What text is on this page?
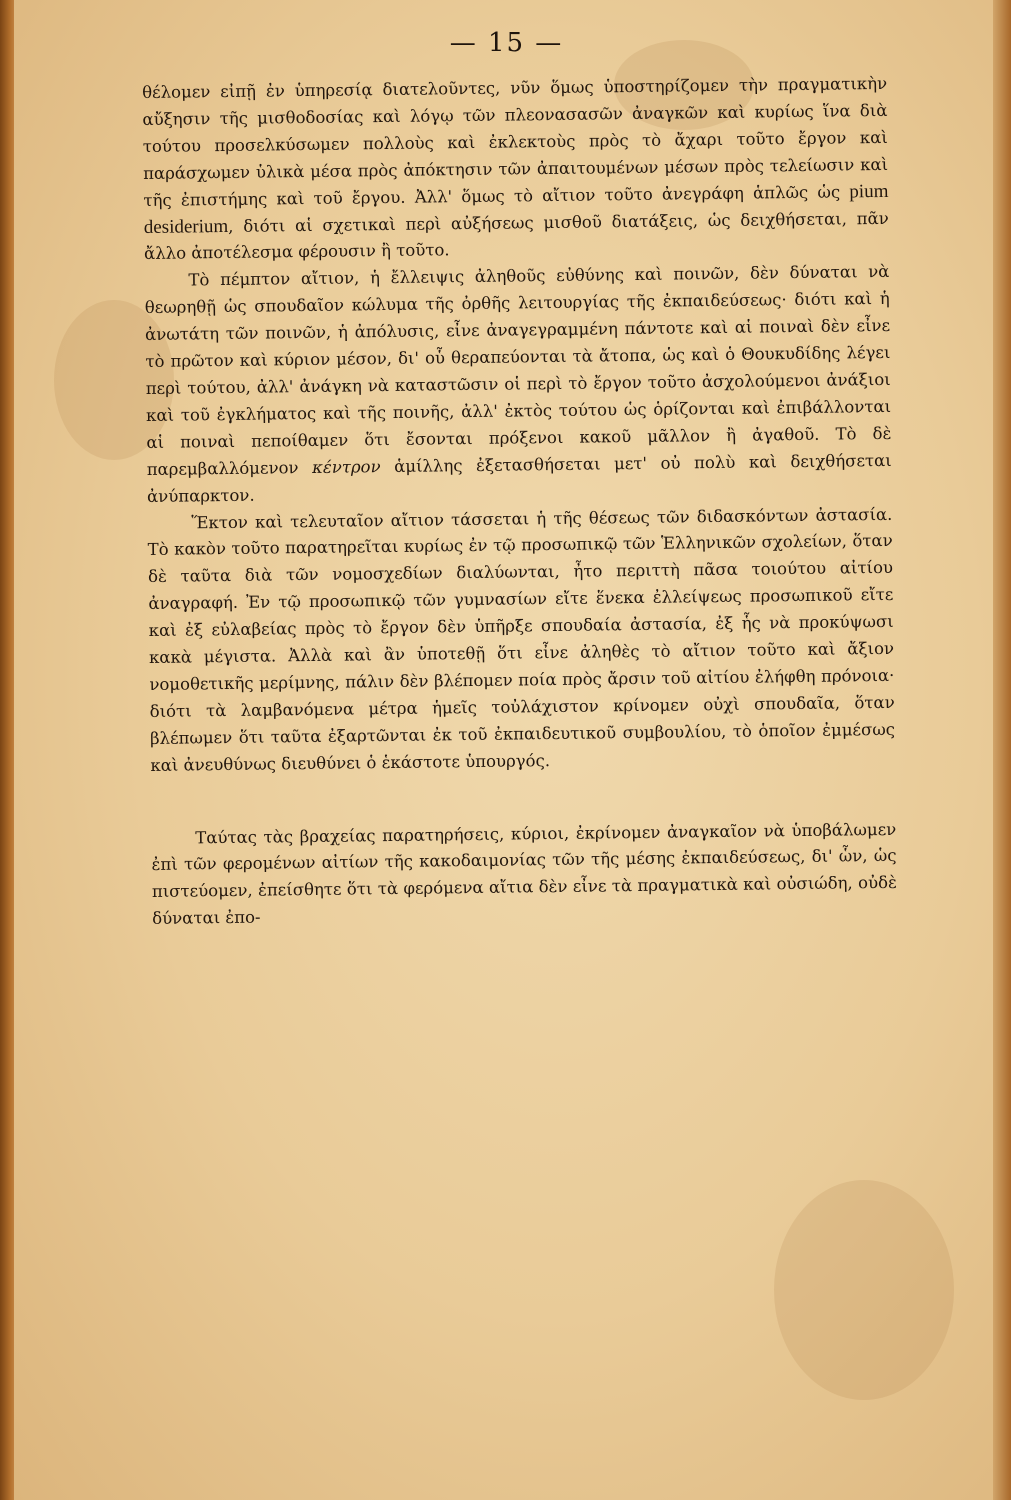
— 15 —

θέλομεν εἰπῇ ἐν ὑπηρεσίᾳ διατελοῦντες, νῦν ὅμως ὑποστηρίζομεν τὴν πραγματικὴν αὔξησιν τῆς μισθοδοσίας καὶ λόγῳ τῶν πλεονασασῶν ἀναγκῶν καὶ κυρίως ἵνα διὰ τούτου προσελκύσωμεν πολλοὺς καὶ ἐκλεκτοὺς πρὸς τὸ ἄχαρι τοῦτο ἔργον καὶ παράσχωμεν ὑλικὰ μέσα πρὸς ἀπόκτησιν τῶν ἀπαιτουμένων μέσων πρὸς τελείωσιν καὶ τῆς ἐπιστήμης καὶ τοῦ ἔργου. Ἀλλ' ὅμως τὸ αἴτιον τοῦτο ἀνεγράφη ἁπλῶς ὡς pium desiderium, διότι αἱ σχετικαὶ περὶ αὐξήσεως μισθοῦ διατάξεις, ὡς δειχθήσεται, πᾶν ἄλλο ἀποτέλεσμα φέρουσιν ἢ τοῦτο.

Τὸ πέμπτον αἴτιον, ἡ ἔλλειψις ἀληθοῦς εὐθύνης καὶ ποινῶν, δὲν δύναται νὰ θεωρηθῇ ὡς σπουδαῖον κώλυμα τῆς ὀρθῆς λειτουργίας τῆς ἐκπαιδεύσεως· διότι καὶ ἡ ἀνωτάτη τῶν ποινῶν, ἡ ἀπόλυσις, εἶνε ἀναγεγραμμένη πάντοτε καὶ αἱ ποιναὶ δὲν εἶνε τὸ πρῶτον καὶ κύριον μέσον, δι' οὗ θεραπεύονται τὰ ἄτοπα, ὡς καὶ ὁ Θουκυδίδης λέγει περὶ τούτου, ἀλλ' ἀνάγκη νὰ καταστῶσιν οἱ περὶ τὸ ἔργον τοῦτο ἀσχολούμενοι ἀνάξιοι καὶ τοῦ ἐγκλήματος καὶ τῆς ποινῆς, ἀλλ' ἐκτὸς τούτου ὡς ὁρίζονται καὶ ἐπιβάλλονται αἱ ποιναὶ πεποίθαμεν ὅτι ἔσονται πρόξενοι κακοῦ μᾶλλον ἢ ἀγαθοῦ. Τὸ δὲ παρεμβαλλόμενον κέντρον ἁμίλλης ἐξετασθήσεται μετ' οὐ πολὺ καὶ δειχθήσεται ἀνύπαρκτον.

Ἕκτον καὶ τελευταῖον αἴτιον τάσσεται ἡ τῆς θέσεως τῶν διδασκόντων ἀστασία. Τὸ κακὸν τοῦτο παρατηρεῖται κυρίως ἐν τῷ προσωπικῷ τῶν Ἑλληνικῶν σχολείων, ὅταν δὲ ταῦτα διὰ τῶν νομοσχεδίων διαλύωνται, ἦτο περιττὴ πᾶσα τοιούτου αἰτίου ἀναγραφή. Ἐν τῷ προσωπικῷ τῶν γυμνασίων εἴτε ἕνεκα ἐλλείψεως προσωπικοῦ εἴτε καὶ ἐξ εὐλαβείας πρὸς τὸ ἔργον δὲν ὑπῆρξε σπουδαία ἀστασία, ἐξ ἧς νὰ προκύψωσι κακὰ μέγιστα. Ἀλλὰ καὶ ἂν ὑποτεθῇ ὅτι εἶνε ἀληθὲς τὸ αἴτιον τοῦτο καὶ ἄξιον νομοθετικῆς μερίμνης, πάλιν δὲν βλέπομεν ποία πρὸς ἄρσιν τοῦ αἰτίου ἐλήφθη πρόνοια· διότι τὰ λαμβανόμενα μέτρα ἡμεῖς τοὐλάχιστον κρίνομεν οὐχὶ σπουδαῖα, ὅταν βλέπωμεν ὅτι ταῦτα ἐξαρτῶνται ἐκ τοῦ ἐκπαιδευτικοῦ συμβουλίου, τὸ ὁποῖον ἐμμέσως καὶ ἀνευθύνως διευθύνει ὁ ἑκάστοτε ὑπουργός.

Ταύτας τὰς βραχείας παρατηρήσεις, κύριοι, ἐκρίνομεν ἀναγκαῖον νὰ ὑποβάλωμεν ἐπὶ τῶν φερομένων αἰτίων τῆς κακοδαιμονίας τῶν τῆς μέσης ἐκπαιδεύσεως, δι' ὧν, ὡς πιστεύομεν, ἐπείσθητε ὅτι τὰ φερόμενα αἴτια δὲν εἶνε τὰ πραγματικὰ καὶ οὐσιώδη, οὐδὲ δύναται ἐπο-
